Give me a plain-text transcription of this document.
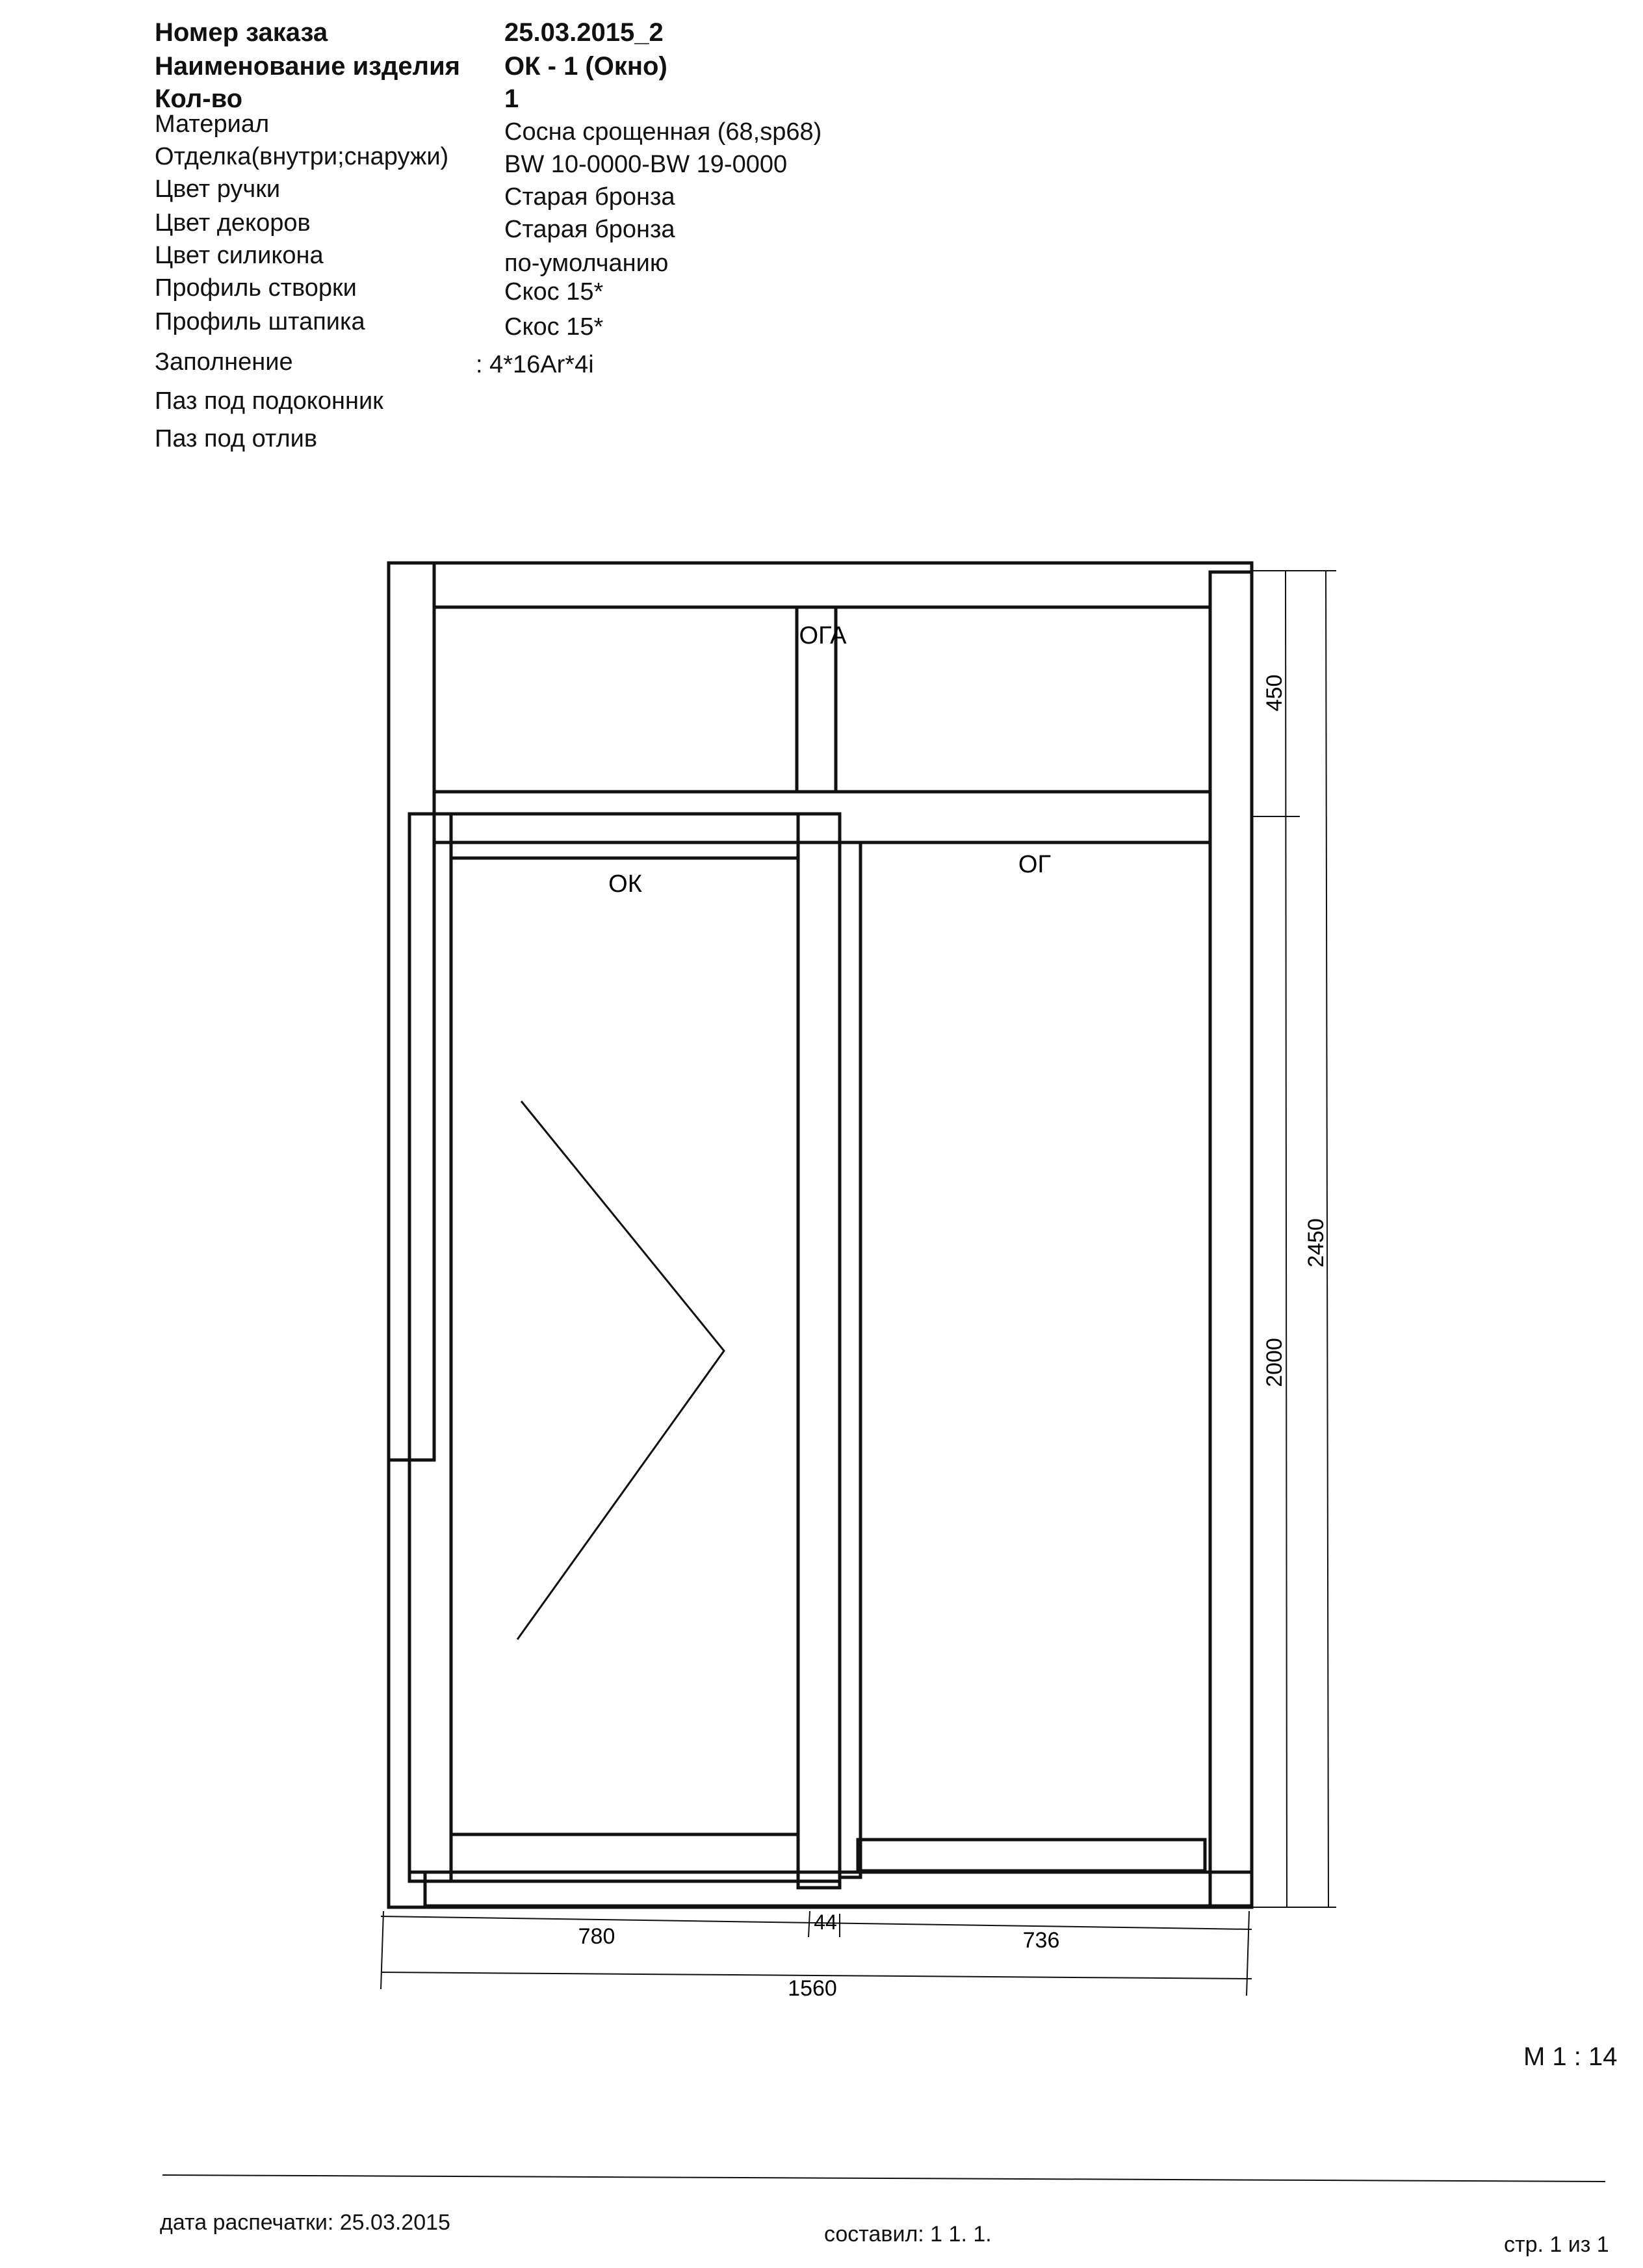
Номер заказа	25.03.2015_2
Наименование изделия ОК - 1 (Окно)
Кол-во	1
Материал	Сосна срощенная (68,sp68)
Отделка(внутри;снаружи) BW 10-0000-BW 19-0000
Цвет ручки	Старая бронза
Цвет декоров	Старая бронза
Цвет силикона	по-умолчанию
Профиль створки	Скос 15*
Профиль штапика	Скос 15*
Заполнение	: 4*16Ar*4i
Паз под подоконник
Паз под отлив
ОГА
ОК
ОГ
780
44
736
1560
450
2000
2450
М 1 : 14
дата распечатки: 25.03.2015	составил: 1 1. 1.	стр. 1 из 1
